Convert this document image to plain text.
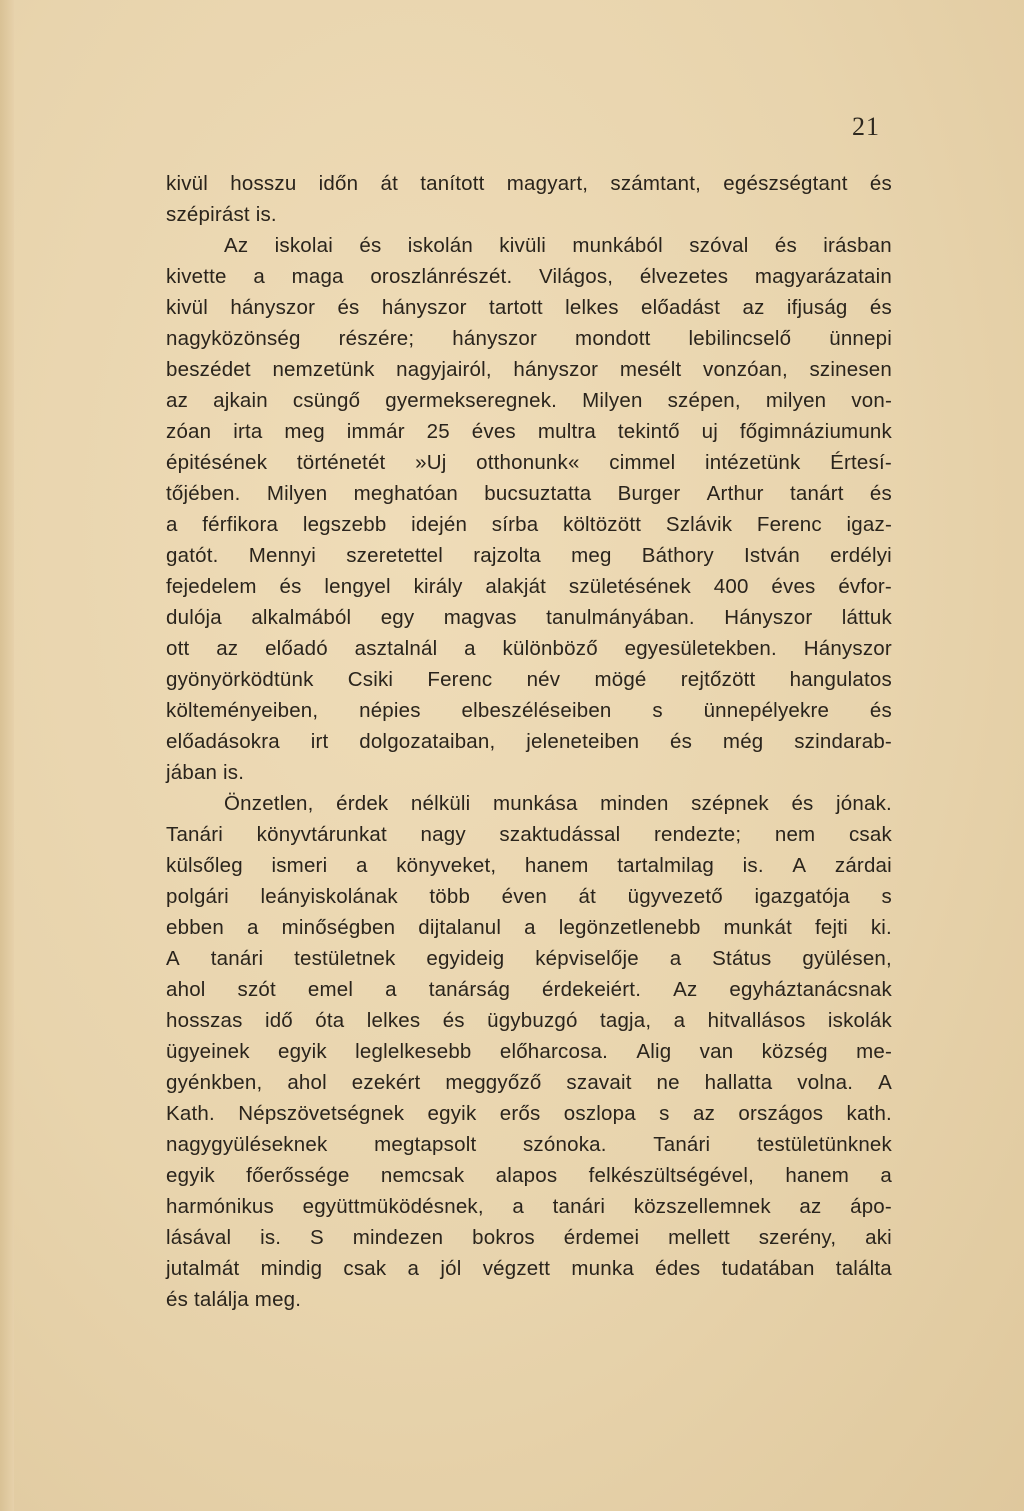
21
kivül hosszu időn át tanított magyart, számtant, egészségtant és
szépirást is.
Az iskolai és iskolán kivüli munkából szóval és irásban
kivette a maga oroszlánrészét. Világos, élvezetes magyarázatain
kivül hányszor és hányszor tartott lelkes előadást az ifjuság és
nagyközönség részére; hányszor mondott lebilincselő ünnepi
beszédet nemzetünk nagyjairól, hányszor mesélt vonzóan, szinesen
az ajkain csüngő gyermekseregnek. Milyen szépen, milyen von-
zóan irta meg immár 25 éves multra tekintő uj főgimnáziumunk
épitésének történetét »Uj otthonunk« cimmel intézetünk Értesí-
tőjében. Milyen meghatóan bucsuztatta Burger Arthur tanárt és
a férfikora legszebb idején sírba költözött Szlávik Ferenc igaz-
gatót. Mennyi szeretettel rajzolta meg Báthory István erdélyi
fejedelem és lengyel király alakját születésének 400 éves évfor-
dulója alkalmából egy magvas tanulmányában. Hányszor láttuk
ott az előadó asztalnál a különböző egyesületekben. Hányszor
gyönyörködtünk Csiki Ferenc név mögé rejtőzött hangulatos
költeményeiben, népies elbeszéléseiben s ünnepélyekre és
előadásokra irt dolgozataiban, jeleneteiben és még szindarab-
jában is.
Önzetlen, érdek nélküli munkása minden szépnek és jónak.
Tanári könyvtárunkat nagy szaktudással rendezte; nem csak
külsőleg ismeri a könyveket, hanem tartalmilag is. A zárdai
polgári leányiskolának több éven át ügyvezető igazgatója s
ebben a minőségben dijtalanul a legönzetlenebb munkát fejti ki.
A tanári testületnek egyideig képviselője a Státus gyülésen,
ahol szót emel a tanárság érdekeiért. Az egyháztanácsnak
hosszas idő óta lelkes és ügybuzgó tagja, a hitvallásos iskolák
ügyeinek egyik leglelkesebb előharcosa. Alig van község me-
gyénkben, ahol ezekért meggyőző szavait ne hallatta volna. A
Kath. Népszövetségnek egyik erős oszlopa s az országos kath.
nagygyüléseknek megtapsolt szónoka. Tanári testületünknek
egyik főerőssége nemcsak alapos felkészültségével, hanem a
harmónikus együttmüködésnek, a tanári közszellemnek az ápo-
lásával is. S mindezen bokros érdemei mellett szerény, aki
jutalmát mindig csak a jól végzett munka édes tudatában találta
és találja meg.
